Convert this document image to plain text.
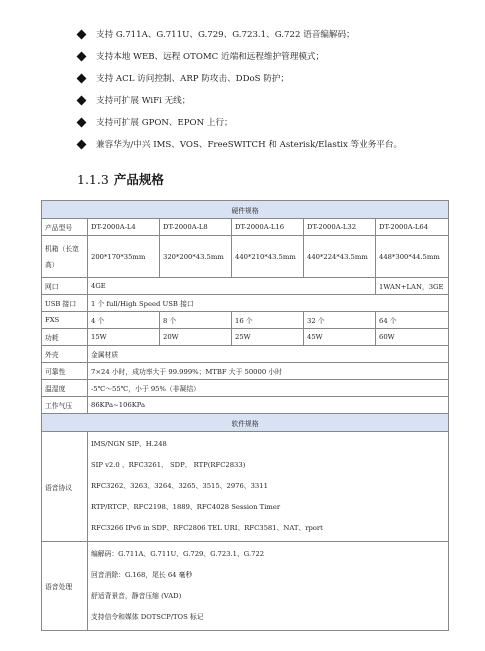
支持 G.711A、G.711U、G.729、G.723.1、G.722 语音编解码；
支持本地 WEB、远程 OTOMC 近端和远程维护管理模式；
支持 ACL 访问控制、ARP 防攻击、DDoS 防护；
支持可扩展 WiFi 无线；
支持可扩展 GPON、EPON 上行；
兼容华为/中兴 IMS、VOS、FreeSWITCH 和 Asterisk/Elastix 等业务平台。
1.1.3 产品规格
硬件规格					
产品型号	DT-2000A-L4	DT-2000A-L8	DT-2000A-L16	DT-2000A-L32	DT-2000A-L64
机箱（长宽高）	200*170*35mm	320*200*43.5mm	440*210*43.5mm	440*224*43.5mm	448*300*44.5mm
网口	4GE				1WAN+LAN，3GE
USB 接口	1 个 full/High Speed USB 接口				
FXS	4 个	8 个	16 个	32 个	64 个
功耗	15W	20W	25W	45W	60W
外壳	金属材质				
可靠性	7×24 小时，成功率大于 99.999%；MTBF 大于 50000 小时				
温湿度	-5℃～55℃，小于 95%（非凝结）				
工作气压	86KPa~106KPa				
软件规格					
语音协议	IMS/NGN SIP、H.248
SIP v2.0 、RFC3261、 SDP、 RTP(RFC2833)
RFC3262、3263、3264、3265、3515、2976、3311
RTP/RTCP、RFC2198、1889、RFC4028 Session Timer
RFC3266 IPv6 in SDP、RFC2806 TEL URI、RFC3581、NAT、rport				

语音处理	编解码：G.711A、G.711U、G.729、G.723.1、G.722
回音消除：G.168，尾长 64 毫秒
舒适背景音，静音压缩 (VAD)
支持信令和媒体 DOTSCP/TOS 标记				
